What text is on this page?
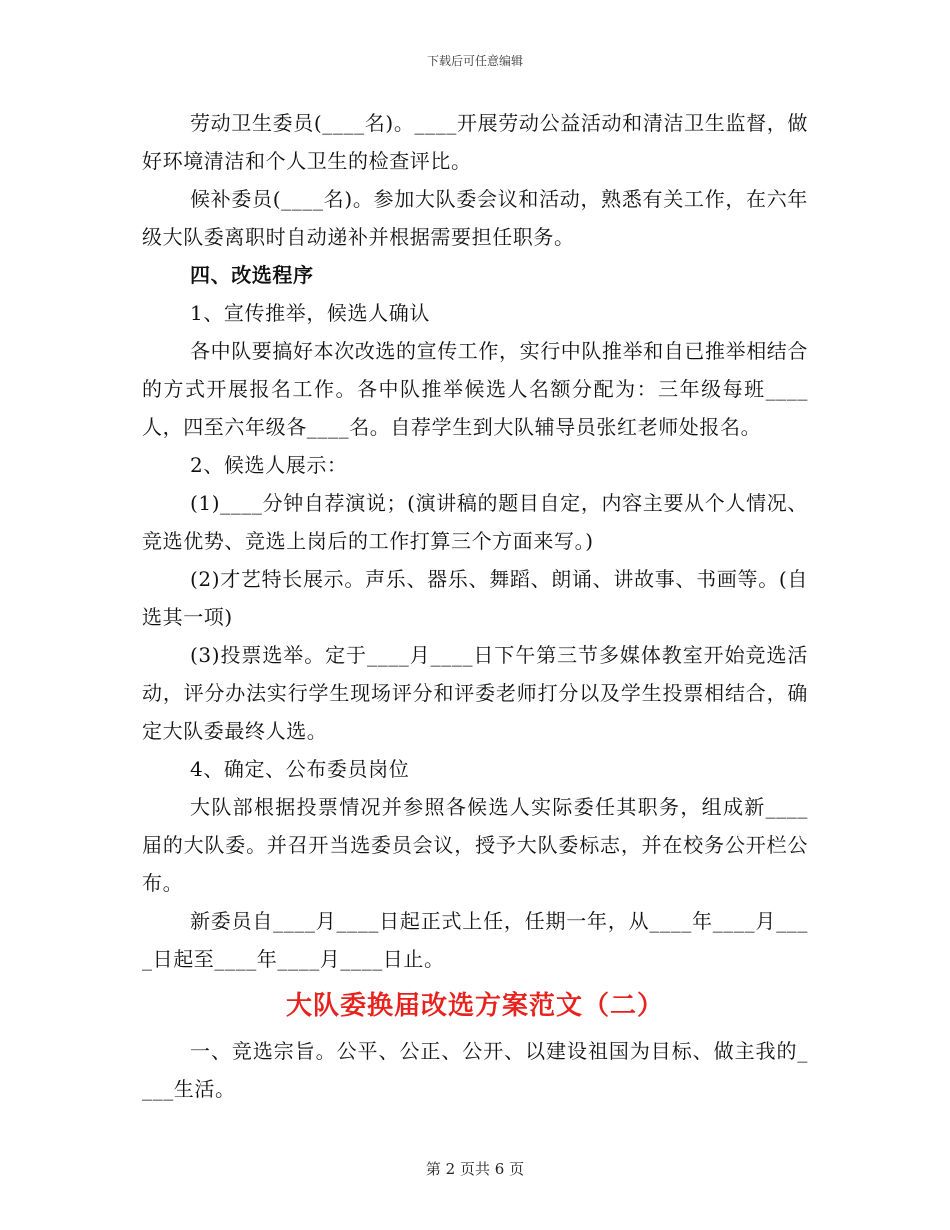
下载后可任意编辑

劳动卫生委员(____名)。____开展劳动公益活动和清洁卫生监督，做好环境清洁和个人卫生的检查评比。

候补委员(____名)。参加大队委会议和活动，熟悉有关工作，在六年级大队委离职时自动递补并根据需要担任职务。

四、改选程序

1、宣传推举，候选人确认

各中队要搞好本次改选的宣传工作，实行中队推举和自已推举相结合的方式开展报名工作。各中队推举候选人名额分配为：三年级每班____人，四至六年级各____名。自荐学生到大队辅导员张红老师处报名。

2、候选人展示：

(1)____分钟自荐演说；(演讲稿的题目自定，内容主要从个人情况、竞选优势、竞选上岗后的工作打算三个方面来写。)

(2)才艺特长展示。声乐、器乐、舞蹈、朗诵、讲故事、书画等。(自选其一项)

(3)投票选举。定于____月____日下午第三节多媒体教室开始竞选活动，评分办法实行学生现场评分和评委老师打分以及学生投票相结合，确定大队委最终人选。

4、确定、公布委员岗位

大队部根据投票情况并参照各候选人实际委任其职务，组成新____届的大队委。并召开当选委员会议，授予大队委标志，并在校务公开栏公布。

新委员自____月____日起正式上任，任期一年，从____年____月____日起至____年____月____日止。

大队委换届改选方案范文（二）

一、竞选宗旨。公平、公正、公开、以建设祖国为目标、做主我的____生活。

第 2 页共 6 页
